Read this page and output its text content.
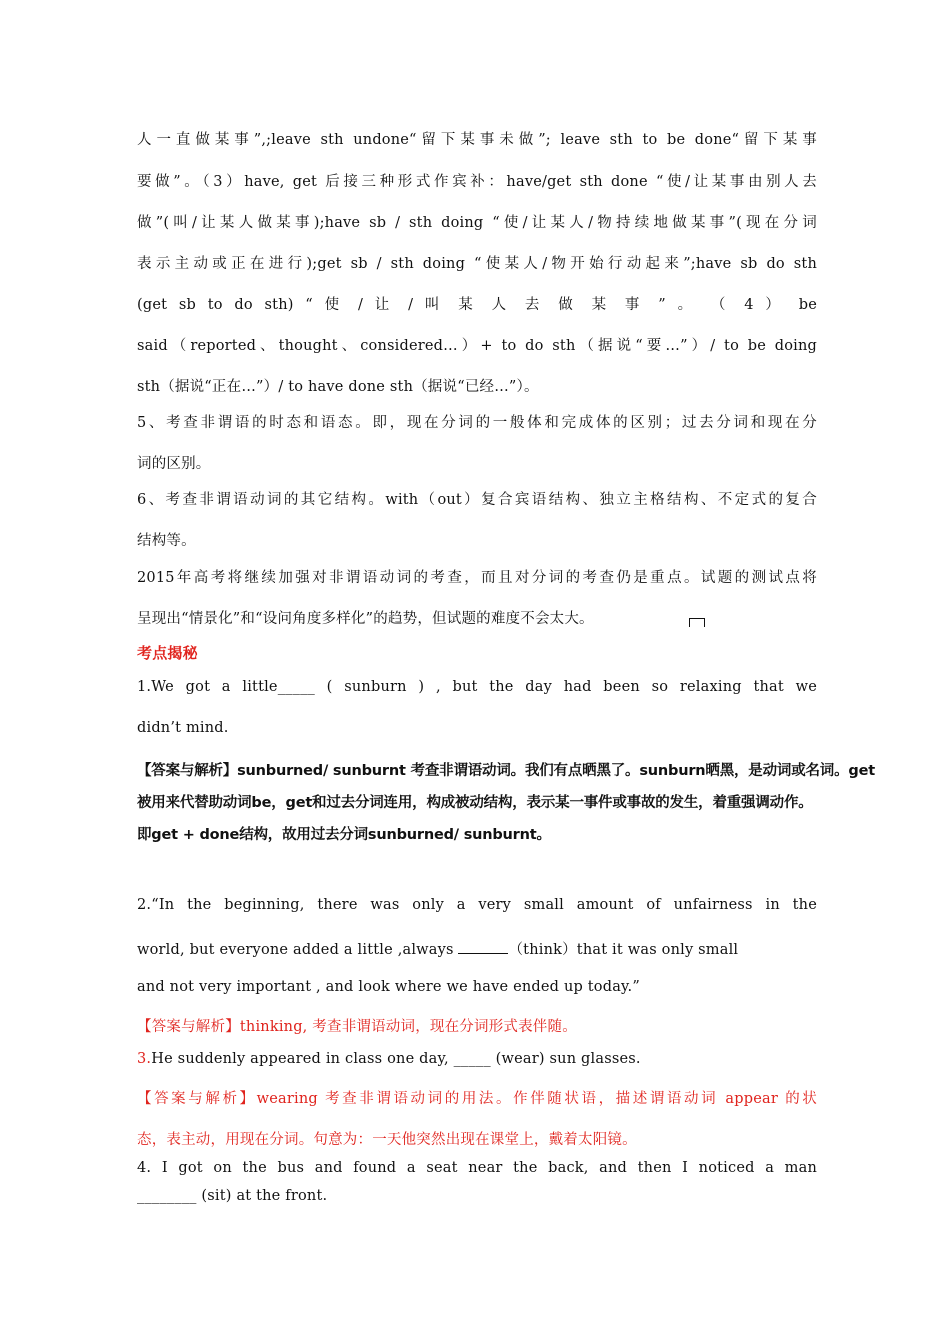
人一直做某事”,;leave sth undone“留下某事未做”; leave sth to be done“留下某事
要做”。（3）have, get 后接三种形式作宾补：have/get sth done “使/让某事由别人去
做”(叫/让某人做某事);have sb / sth doing “使/让某人/物持续地做某事”(现在分词
表示主动或正在进行);get sb / sth doing “使某人/物开始行动起来”;have sb do sth
(get sb to do sth) “ 使 / 让 / 叫 某 人 去 做 某 事 ” 。 （ 4 ） be
said（reported、thought、considered…）+ to do sth（据说“要…”）/ to be doing
sth（据说“正在…”）/ to have done sth（据说“已经…”）。
5、考查非谓语的时态和语态。即，现在分词的一般体和完成体的区别；过去分词和现在分
词的区别。
6、考查非谓语动词的其它结构。with（out）复合宾语结构、独立主格结构、不定式的复合
结构等。
2015年高考将继续加强对非谓语动词的考查，而且对分词的考查仍是重点。试题的测试点将
呈现出“情景化”和“设问角度多样化”的趋势，但试题的难度不会太大。
考点揭秘
1.We got a little_____ ( sunburn ) , but the day had been so relaxing that we
didn’t mind.
【答案与解析】sunburned/ sunburnt 考查非谓语动词。我们有点晒黑了。sunburn晒黑，是动词或名词。get
被用来代替助动词be，get和过去分词连用，构成被动结构，表示某一事件或事故的发生，着重强调动作。
即get + done结构，故用过去分词sunburned/ sunburnt。
2.“In the beginning, there was only a very small amount of unfairness in the
world, but everyone added a little ,always	（think）that it was only small
and not very important , and look where we have ended up today.”
【答案与解析】thinking, 考查非谓语动词，现在分词形式表伴随。
3.He suddenly appeared in class one day, _____ (wear) sun glasses.
【答案与解析】wearing 考查非谓语动词的用法。作伴随状语，描述谓语动词 appear 的状
态，表主动，用现在分词。句意为：一天他突然出现在课堂上，戴着太阳镜。
4. I got on the bus and found a seat near the back, and then I noticed a man
________ (sit) at the front.
